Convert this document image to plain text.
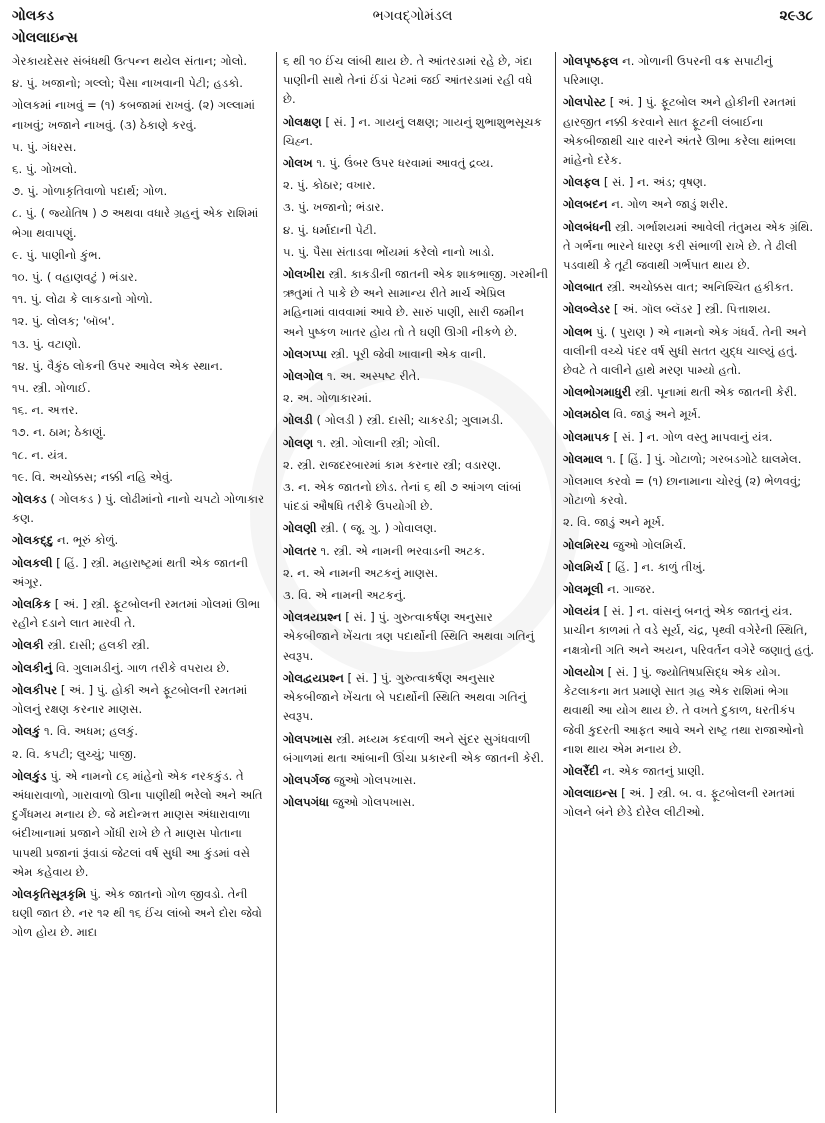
ગોલકડ	ભગવદ્ગોમંડલ	૨૯૩૮
ગોલલાઇન્સ
ગેરકાયદેસર સંબંધથી ઉત્પન્ન થયેલ સંતાન; ગોલો.
૪. પું. ખજાનો; ગલ્લો; પૈસા નાખવાની પેટી; હડકો.
ગોલકમાં નાખવું = (૧) કબજામાં રાખવું. (૨) ગલ્લામાં નાખવું; ખજાને નાખવું. (૩) ઠેકાણે કરવું.
૫. પું. ગંધરસ.
૬. પું. ગોખલો.
૭. પું. ગોળાકૃતિવાળો પદાર્થ; ગોળ.
૮. પું. ( જ્યોતિષ ) ૭ અથવા વધારે ગ્રહનું એક રાશિમાં ભેગા થવાપણું.
૯. પું. પાણીનો કુંભ.
૧૦. પું. ( વહાણવટું ) ભંડાર.
૧૧. પું. લોઢા કે લાકડાનો ગોળો.
૧૨. પું. લોલક; 'બૉબ'.
૧૩. પું. વટાણો.
૧૪. પું. વૈકુંઠ લોકની ઉપર આવેલ એક સ્થાન.
૧૫. સ્ત્રી. ગોળાઈ.
૧૬. ન. અત્તર.
૧૭. ન. ઠામ; ઠેકાણું.
૧૮. ન. યંત્ર.
૧૯. વિ. અચોક્કસ; નક્કી નહિ એવું.
ગોલકડ ( ગોલકડ ) પું. લોઢીમાંનો નાનો ચપટો ગોળાકાર કણ.
ગોલકદ્દુ ન. ભૂરું કોળું.
ગોલકલી [ હિં. ] સ્ત્રી. મહારાષ્ટ્રમાં થતી એક જાતની અંગૂર.
ગોલકિક [ અં. ] સ્ત્રી. ફૂટબોલની રમતમાં ગોલમાં ઊભા રહીને દડાને લાત મારવી તે.
ગોલકી સ્ત્રી. દાસી; હલકી સ્ત્રી.
ગોલકીનું વિ. ગુલામડીનું. ગાળ તરીકે વપરાય છે.
ગોલકીપર [ અં. ] પું. હોકી અને ફૂટબોલની રમતમાં ગોલનું રક્ષણ કરનાર માણસ.
ગોલકું ૧. વિ. અધમ; હલકું.
૨. વિ. કપટી; લુચ્ચું; પાજી.
ગોલકુંડ પું. એ નામનો ૮૬ માંહેનો એક નરકકુંડ. તે અંધારાવાળો, ગારાવાળો ઊના પાણીથી ભરેલો અને અતિ દુર્ગંધમય મનાય છે. જે મદોન્મત્ત માણસ અંધારાવાળા બંદીખાનામાં પ્રજાને ગોંધી રાખે છે તે માણસ પોતાના પાપથી પ્રજાનાં રૂંવાડાં જેટલાં વર્ષ સુધી આ કુંડમાં વસે એમ કહેવાય છે.
ગોલકૃતિસૂત્રકૃમિ પું. એક જાતનો ગોળ જીવડો. તેની ઘણી જાત છે. નર ૧૨ થી ૧૬ ઈંચ લાંબો અને દોરા જેવો ગોળ હોય છે. માદા
૬ થી ૧૦ ઈંચ લાંબી થાય છે. તે આંતરડામાં રહે છે, ગંદા પાણીની સાથે તેનાં ઈંડાં પેટમાં જઈ આંતરડામાં રહી વધે છે.
ગોલક્ષણ [ સં. ] ન. ગાયનું લક્ષણ; ગાયનું શુભાશુભસૂચક ચિહ્ન.
ગોલખ ૧. પું. ઉંબર ઉપર ધરવામાં આવતું દ્રવ્ય.
૨. પું. કોઠાર; વખાર.
૩. પું. ખજાનો; ભંડાર.
૪. પું. ધર્માદાની પેટી.
૫. પું. પૈસા સંતાડવા ભોંયમાં કરેલો નાનો ખાડો.
ગોલખીરા સ્ત્રી. કાકડીની જાતની એક શાકભાજી. ગરમીની ઋતુમાં તે પાકે છે અને સામાન્ય રીતે માર્ચ એપ્રિલ મહિનામાં વાવવામાં આવે છે. સારું પાણી, સારી જમીન અને પુષ્કળ ખાતર હોય તો તે ઘણી ઊગી નીકળે છે.
ગોલગપ્પા સ્ત્રી. પૂરી જેવી ખાવાની એક વાની.
ગોલગોલ ૧. અ. અસ્પષ્ટ રીતે.
૨. અ. ગોળાકારમાં.
ગોલડી ( ગોલડી ) સ્ત્રી. દાસી; ચાકરડી; ગુલામડી.
ગોલણ ૧. સ્ત્રી. ગોલાની સ્ત્રી; ગોલી.
૨. સ્ત્રી. રાજદરબારમાં કામ કરનાર સ્ત્રી; વડારણ.
૩. ન. એક જાતનો છોડ. તેનાં ૬ થી ૭ આંગળ લાંબાં પાંદડાં ઔષધિ તરીકે ઉપયોગી છે.
ગોલણી સ્ત્રી. ( જૂ. ગુ. ) ગોવાલણ.
ગોલતર ૧. સ્ત્રી. એ નામની ભરવાડની અટક.
૨. ન. એ નામની અટકનું માણસ.
૩. વિ. એ નામની અટકનું.
ગોલત્રયપ્રશ્ન [ સં. ] પું. ગુરુત્વાકર્ષણ અનુસાર એકબીજાને ખેંચતા ત્રણ પદાર્થોની સ્થિતિ અથવા ગતિનું સ્વરૂપ.
ગોલદ્વયપ્રશ્ન [ સં. ] પું. ગુરુત્વાકર્ષણ અનુસાર એકબીજાને ખેંચતા બે પદાર્થોની સ્થિતિ અથવા ગતિનું સ્વરૂપ.
ગોલપખાસ સ્ત્રી. મધ્યમ કદવાળી અને સુંદર સુગંધવાળી બંગાળમાં થતા આંબાની ઊંચા પ્રકારની એક જાતની કેરી.
ગોલપર્ગજ જુઓ ગોલપખાસ.
ગોલપગંધા જુઓ ગોલપખાસ.
ગોલપૃષ્ઠફલ ન. ગોળાની ઉપરની વક્ર સપાટીનું પરિમાણ.
ગોલપોસ્ટ [ અં. ] પું. ફૂટબોલ અને હોકીની રમતમાં હારજીત નક્કી કરવાને સાત ફૂટની લંબાઈના એકબીજાથી ચાર વારને અંતરે ઊભા કરેલા થાંભલા માંહેનો દરેક.
ગોલફલ [ સં. ] ન. અંડ; વૃષણ.
ગોલબદન ન. ગોળ અને જાડું શરીર.
ગોલબંધની સ્ત્રી. ગર્ભાશયમાં આવેલી તંતુમય એક ગ્રંથિ. તે ગર્ભના ભારને ધારણ કરી સંભાળી રાખે છે. તે ઢીલી પડવાથી કે તૂટી જવાથી ગર્ભપાત થાય છે.
ગોલબાત સ્ત્રી. અચોક્કસ વાત; અનિશ્ચિત હકીકત.
ગોલબ્લેડર [ અં. ગૉલ બ્લૅડર ] સ્ત્રી. પિત્તાશય.
ગોલભ પું. ( પુરાણ ) એ નામનો એક ગંધર્વ. તેની અને વાલીની વચ્ચે પંદર વર્ષ સુધી સતત યુદ્ધ ચાલ્યું હતું. છેવટે તે વાલીને હાથે મરણ પામ્યો હતો.
ગોલભોગમાધુરી સ્ત્રી. પૂનામાં થતી એક જાતની કેરી.
ગોલમઠોલ વિ. જાડું અને મૂર્ખ.
ગોલમાપક [ સં. ] ન. ગોળ વસ્તુ માપવાનું યંત્ર.
ગોલમાલ ૧. [ હિં. ] પું. ગોટાળો; ગરબડગોટે ઘાલમેલ.
ગોલમાલ કરવો = (૧) છાનામાના ચોરવું (૨) ભેળવવું; ગોટાળો કરવો.
૨. વિ. જાડું અને મૂર્ખ.
ગોલમિરચ જુઓ ગોલમિર્ચ.
ગોલમિર્ચ [ હિં. ] ન. કાળું તીખું.
ગોલમૂલી ન. ગાજર.
ગોલયંત્ર [ સં. ] ન. વાંસનું બનતું એક જાતનું યંત્ર. પ્રાચીન કાળમાં તે વડે સૂર્ય, ચંદ્ર, પૃથ્વી વગેરેની સ્થિતિ, નક્ષત્રોની ગતિ અને અયન, પરિવર્તન વગેરે જણાતું હતું.
ગોલયોગ [ સં. ] પું. જ્યોતિષપ્રસિદ્ધ એક યોગ. કેટલાકના મત પ્રમાણે સાત ગ્રહ એક રાશિમાં ભેગા થવાથી આ યોગ થાય છે. તે વખતે દુકાળ, ધરતીકંપ જેવી કુદરતી આફત આવે અને રાષ્ટ્ર તથા રાજાઓનો નાશ થાય એમ મનાય છે.
ગોલરૈંદી ન. એક જાતનું પ્રાણી.
ગોલલાઇન્સ [ અં. ] સ્ત્રી. બ. વ. ફૂટબોલની રમતમાં ગોલને બંને છેડે દોરેલ લીટીઓ.
